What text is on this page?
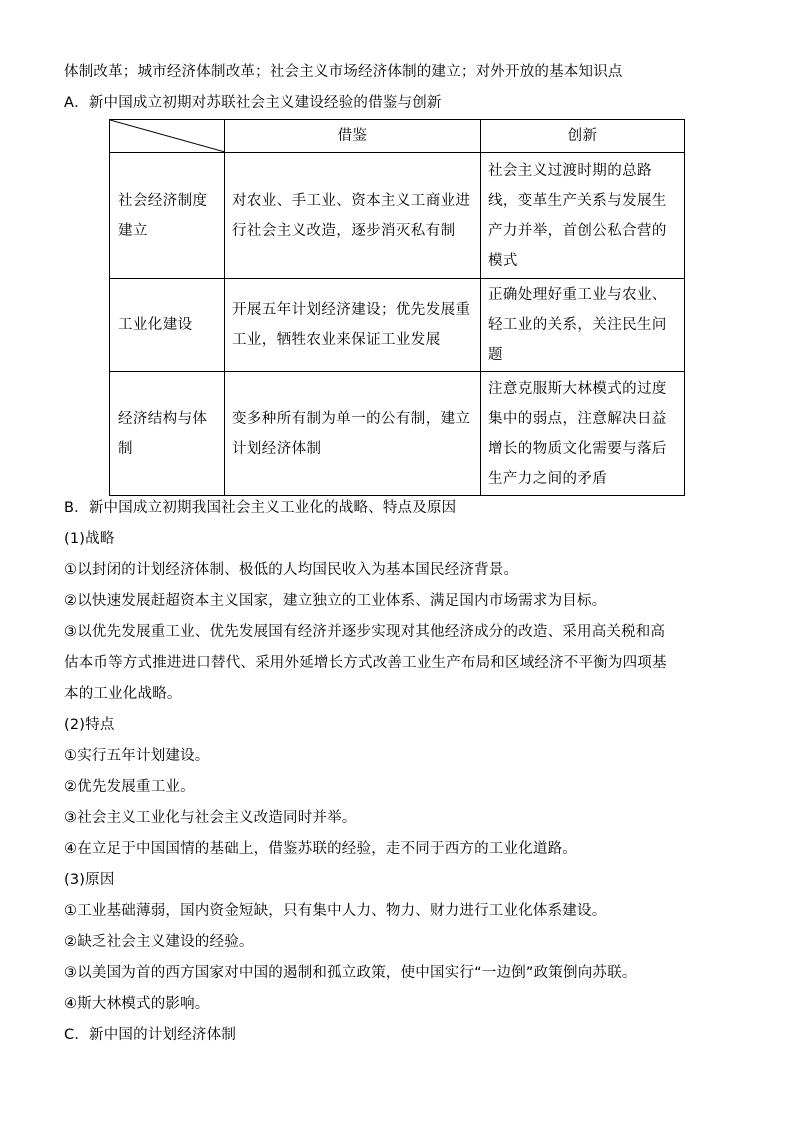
体制改革；城市经济体制改革；社会主义市场经济体制的建立；对外开放的基本知识点
A．新中国成立初期对苏联社会主义建设经验的借鉴与创新
	借鉴	创新
社会经济制度建立	对农业、手工业、资本主义工商业进行社会主义改造，逐步消灭私有制	社会主义过渡时期的总路线，变革生产关系与发展生产力并举，首创公私合营的模式
工业化建设	开展五年计划经济建设；优先发展重工业，牺牲农业来保证工业发展	正确处理好重工业与农业、轻工业的关系，关注民生问题
经济结构与体制	变多种所有制为单一的公有制，建立计划经济体制	注意克服斯大林模式的过度集中的弱点，注意解决日益增长的物质文化需要与落后生产力之间的矛盾
B．新中国成立初期我国社会主义工业化的战略、特点及原因
(1)战略
①以封闭的计划经济体制、极低的人均国民收入为基本国民经济背景。
②以快速发展赶超资本主义国家，建立独立的工业体系、满足国内市场需求为目标。
③以优先发展重工业、优先发展国有经济并逐步实现对其他经济成分的改造、采用高关税和高
估本币等方式推进进口替代、采用外延增长方式改善工业生产布局和区域经济不平衡为四项基
本的工业化战略。
(2)特点
①实行五年计划建设。
②优先发展重工业。
③社会主义工业化与社会主义改造同时并举。
④在立足于中国国情的基础上，借鉴苏联的经验，走不同于西方的工业化道路。
(3)原因
①工业基础薄弱，国内资金短缺，只有集中人力、物力、财力进行工业化体系建设。
②缺乏社会主义建设的经验。
③以美国为首的西方国家对中国的遏制和孤立政策，使中国实行“一边倒”政策倒向苏联。
④斯大林模式的影响。
C．新中国的计划经济体制
